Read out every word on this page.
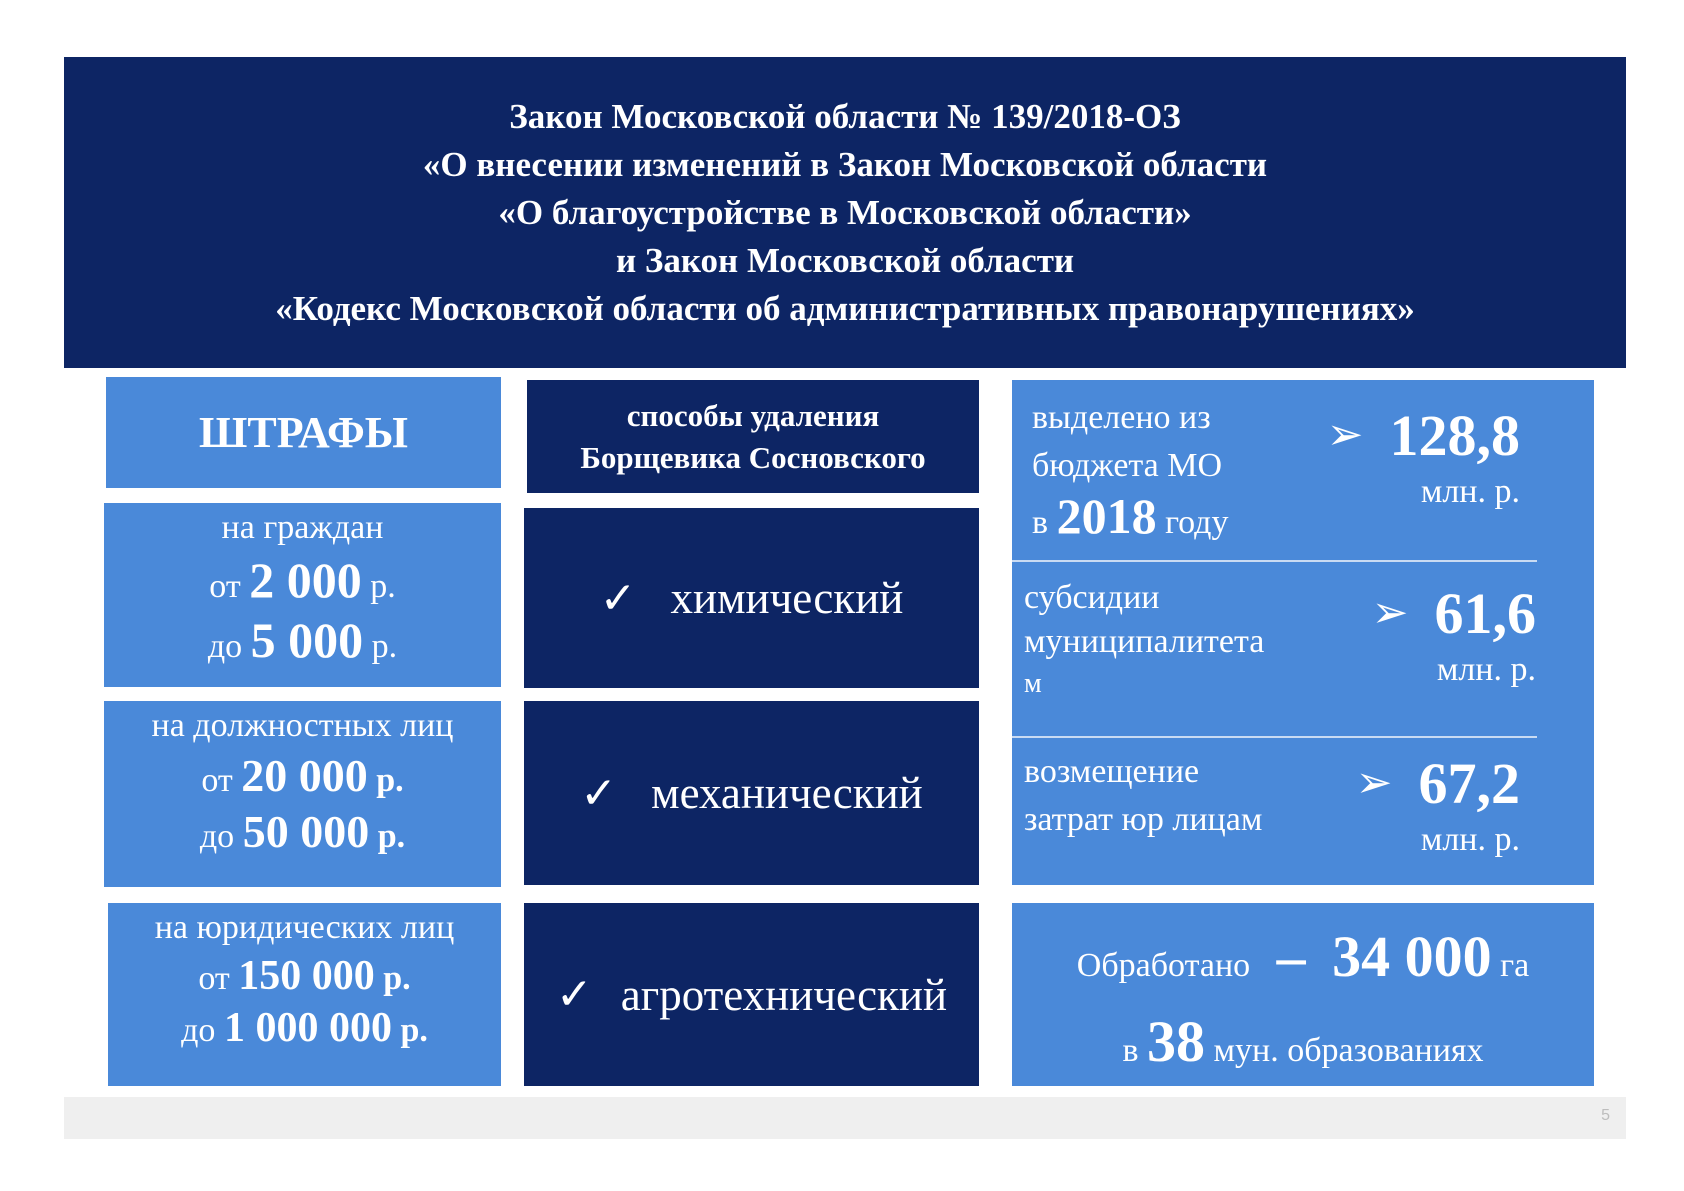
Закон Московской области № 139/2018-ОЗ
«О внесении изменений в Закон Московской области
«О благоустройстве в Московской области»
и Закон Московской области
«Кодекс Московской области об административных правонарушениях»
ШТРАФЫ
на граждан
от 2 000 р.
до 5 000 р.
на должностных лиц
от 20 000 р.
до 50 000 р.
на юридических лиц
от 150 000 р.
до 1 000 000 р.
способы удаления
Борщевика Сосновского
✓ химический
✓ механический
✓ агротехнический
выделено из
бюджета МО
в 2018 году
➢ 128,8
млн. р.
субсидии
муниципалитета
м
➢ 61,6
млн. р.
возмещение
затрат юр лицам
➢ 67,2
млн. р.
Обработано – 34 000 га
в 38 мун. образованиях
5
